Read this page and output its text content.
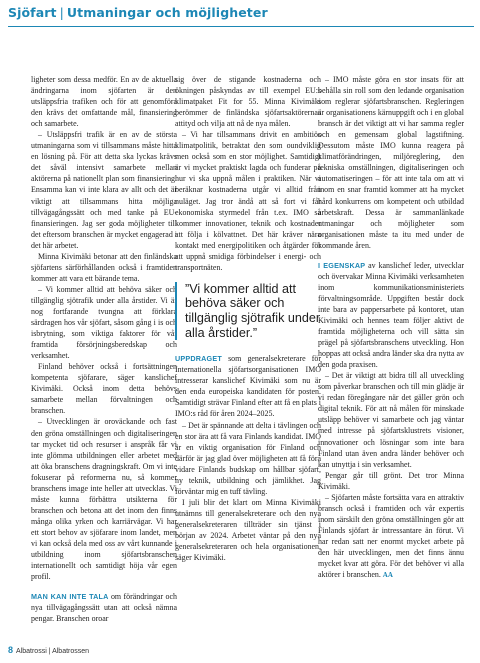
Sjöfart | Utmaningar och möjligheter

ligheter som dessa medför. En av de aktuella ändringarna inom sjöfarten är den utsläppsfria trafiken och för att genomföra den krävs det omfattande mål, finansiering och samarbete.

– Utsläppsfri trafik är en av de största utmaningarna som vi tillsammans måste hitta en lösning på. För att detta ska lyckas krävs det såväl intensivt samarbete mellan aktörerna på nationellt plan som finansiering. Ensamma kan vi inte klara av allt och det är viktigt att tillsammans hitta möjliga tillvägagångssätt och med tanke på EU-finansieringen. Jag ser goda möjligheter till det eftersom branschen är mycket engagerad i det här arbetet.

Minna Kivimäki betonar att den finländska sjöfartens särförhållanden också i framtiden kommer att vara ett bärande tema.

– Vi kommer alltid att behöva säker och tillgänglig sjötrafik under alla årstider. Vi är nog fortfarande tvungna att förklara särdragen hos vår sjöfart, såsom gång i is och isbrytning, som viktiga faktorer för vår framtida försörjningsberedskap och verksamhet.

Finland behöver också i fortsättningen kompetenta sjöfarare, säger kanslichef Kivimäki. Också inom detta behövs samarbete mellan förvaltningen och branschen.

– Utvecklingen är oroväckande och fast den gröna omställningen och digitaliseringen tar mycket tid och resurser i anspråk får vi inte glömma utbildningen eller arbetet med att öka branschens dragningskraft. Om vi inte fokuserar på reformerna nu, så kommer branschens image inte heller att utvecklas. Vi måste kunna förbättra utsikterna för branschen och betona att det inom den finns många olika yrken och karriärvägar. Vi har ett stort behov av sjöfarare inom landet, men vi kan också dela med oss av vårt kunnande i utbildning inom sjöfartsbranschen internationellt och samtidigt höja vår egen profil.

MAN KAN INTE TALA om förändringar och nya tillvägagångssätt utan att också nämna pengar. Branschen oroar

sig över de stigande kostnaderna och ökningen påskyndas av till exempel EU:s klimatpaket Fit for 55. Minna Kivimäki berömmer de finländska sjöfartsaktörernas attityd och vilja att nå de nya målen.

– Vi har tillsammans drivit en ambitiös klimatpolitik, betraktat den som oundviklig men också som en stor möjlighet. Samtidigt är vi mycket praktiskt lagda och funderar på hur vi ska uppnå målen i praktiken. När vi beräknar kostnaderna utgår vi alltid från nuläget. Jag tror ändå att så fort vi får ekonomiska styrmedel från t.ex. IMO så kommer innovationer, teknik och kostnader att följa i kölvattnet. Det här kräver nära kontakt med energipolitiken och åtgärder för att uppnå smidiga förbindelser i energi- och transportnäten.

”Vi kommer alltid att behöva säker och tillgänglig sjötrafik under alla årstider.”

UPPDRAGET som generalsekreterare för Internationella sjöfartsorganisationen IMO intresserar kanslichef Kivimäki som nu är den enda europeiska kandidaten för posten. Samtidigt strävar Finland efter att få en plats i IMO:s råd för åren 2024–2025.

– Det är spännande att delta i tävlingen och en stor ära att få vara Finlands kandidat. IMO är en viktig organisation för Finland och därför är jag glad över möjligheten att få föra vidare Finlands budskap om hållbar sjöfart, ny teknik, utbildning och jämlikhet. Jag förväntar mig en tuff tävling.

I juli blir det klart om Minna Kivimäki utnämns till generalsekreterare och den nya generalsekreteraren tillträder sin tjänst i början av 2024. Arbetet väntar på den nya generalsekreteraren och hela organisationen, säger Kivimäki.

– IMO måste göra en stor insats för att behålla sin roll som den ledande organisation som reglerar sjöfartsbranschen. Regleringen är organisationens kärnuppgift och i en global bransch är det viktigt att vi har samma regler och en gemensam global lagstiftning. Dessutom måste IMO kunna reagera på klimatförändringen, miljöreglering, den tekniska omställningen, digitaliseringen och automatiseringen – för att inte tala om att vi inom en snar framtid kommer att ha mycket hård konkurrens om kompetent och utbildad arbetskraft. Dessa är sammanlänkade utmaningar och möjligheter som organisationen måste ta itu med under de kommande åren.

I EGENSKAP av kanslichef leder, utvecklar och övervakar Minna Kivimäki verksamheten inom kommunikationsministeriets förvaltningsområde. Uppgiften består dock inte bara av pappersarbete på kontoret, utan Kivimäki och hennes team följer aktivt de framtida möjligheterna och vill sätta sin prägel på sjöfartsbranschens utveckling. Hon hoppas att också andra länder ska dra nytta av den goda praxisen.

– Det är viktigt att bidra till all utveckling som påverkar branschen och till min glädje är vi redan föregångare när det gäller grön och digital teknik. För att nå målen för minskade utsläpp behöver vi samarbete och jag väntar med intresse på sjöfartsklustrets visioner, innovationer och lösningar som inte bara Finland utan även andra länder behöver och kan utnyttja i sin verksamhet.

Pengar går till grönt. Det tror Minna Kivimäki.

– Sjöfarten måste fortsätta vara en attraktiv bransch också i framtiden och vår expertis inom särskilt den gröna omställningen gör att Finlands sjöfart är intressantare än förut. Vi har redan satt ner enormt mycket arbete på den här utvecklingen, men det finns ännu mycket kvar att göra. För det behöver vi alla aktörer i branschen. AA

8 Albatrossi | Albatrossen
